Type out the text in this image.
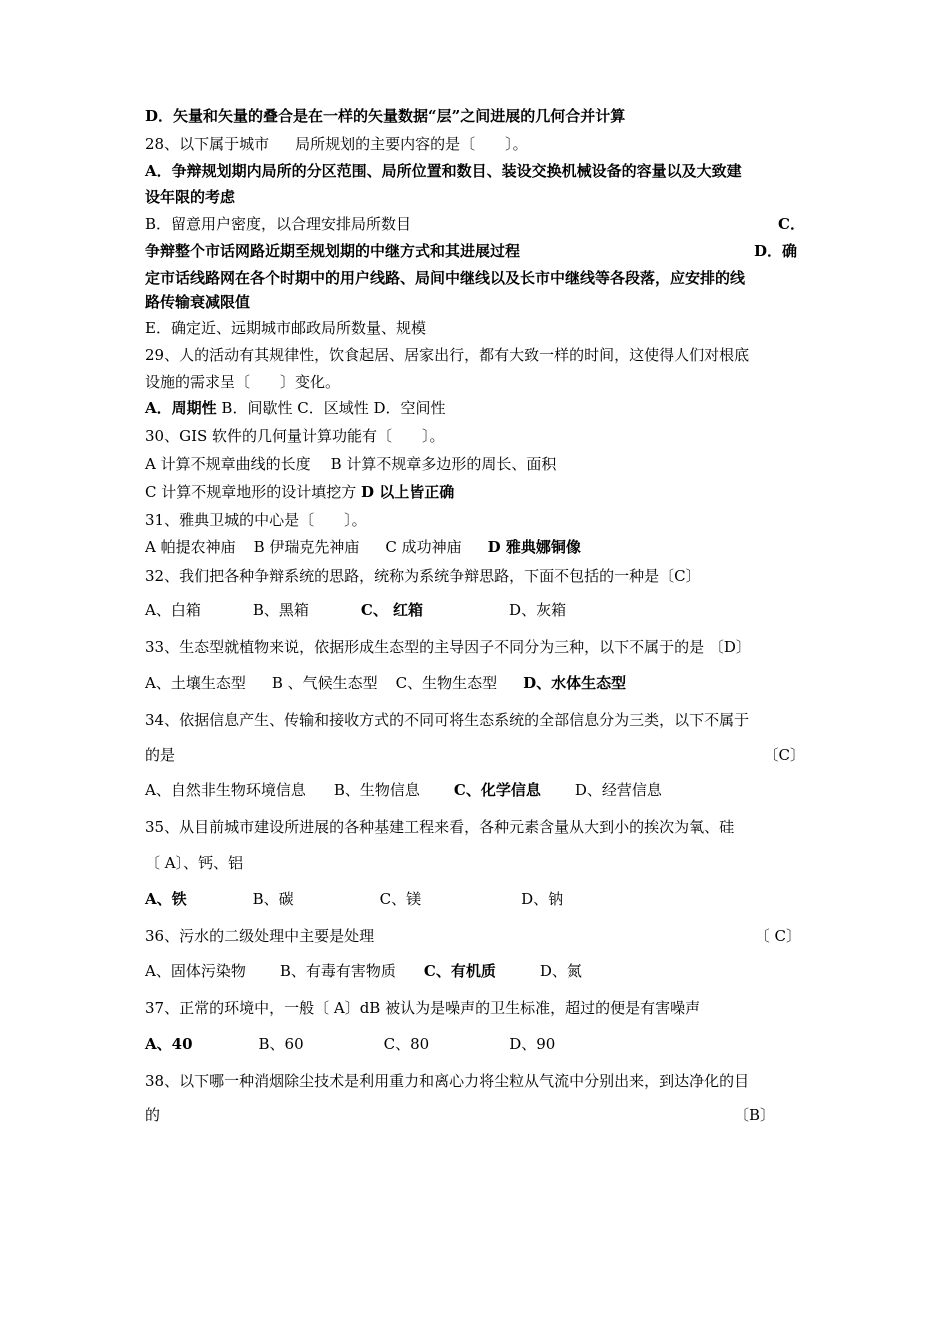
D．矢量和矢量的叠合是在一样的矢量数据“层”之间进展的几何合并计算
28、以下属于城市 局所规划的主要内容的是〔　　〕。
A．争辩规划期内局所的分区范围、局所位置和数目、装设交换机械设备的容量以及大致建
设年限的考虑
B．留意用户密度，以合理安排局所数目	C．
争辩整个市话网路近期至规划期的中继方式和其进展过程	D．确
定市话线路网在各个时期中的用户线路、局间中继线以及长市中继线等各段落，应安排的线
路传输衰减限值
E．确定近、远期城市邮政局所数量、规模
29、人的活动有其规律性，饮食起居、居家出行，都有大致一样的时间，这使得人们对根底
设施的需求呈〔　　〕变化。
A．周期性 B．间歇性 C．区域性 D．空间性
30、GIS 软件的几何量计算功能有〔　　〕。
A 计算不规章曲线的长度 B 计算不规章多边形的周长、面积
C 计算不规章地形的设计填挖方 D 以上皆正确
31、雅典卫城的中心是〔　　〕。
A 帕提农神庙 B 伊瑞克先神庙 C 成功神庙 D 雅典娜铜像
32、我们把各种争辩系统的思路，统称为系统争辩思路，下面不包括的一种是〔C〕
A、白箱	B、黑箱	C、 红箱	D、灰箱
33、生态型就植物来说，依据形成生态型的主导因子不同分为三种，以下不属于的是 〔D〕
A、土壤生态型 B 、气候生态型 C、生物生态型 D、水体生态型
34、依据信息产生、传输和接收方式的不同可将生态系统的全部信息分为三类，以下不属于
的是	〔C〕
A、自然非生物环境信息 B、生物信息 C、化学信息 D、经营信息
35、从目前城市建设所进展的各种基建工程来看，各种元素含量从大到小的挨次为氧、硅
〔 A〕、钙、铝
A、铁	B、碳	C、镁	D、钠
36、污水的二级处理中主要是处理	〔 C〕
A、固体污染物 B、有毒有害物质 C、有机质	D、氮
37、正常的环境中，一般〔 A〕dB 被认为是噪声的卫生标准，超过的便是有害噪声
A、40	B、60	C、80	D、90
38、以下哪一种消烟除尘技术是利用重力和离心力将尘粒从气流中分别出来，到达净化的目
的	〔B〕
